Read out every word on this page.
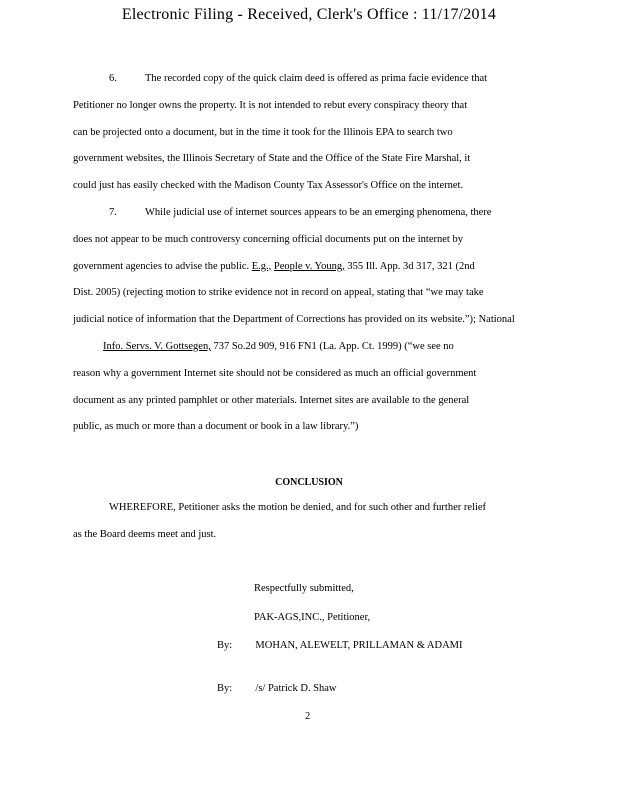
Electronic Filing - Received, Clerk's Office : 11/17/2014
6.	The recorded copy of the quick claim deed is offered as prima facie evidence that
Petitioner no longer owns the property. It is not intended to rebut every conspiracy theory that
can be projected onto a document, but in the time it took for the Illinois EPA to search two
government websites, the Illinois Secretary of State and the Office of the State Fire Marshal, it
could just has easily checked with the Madison County Tax Assessor's Office on the internet.
7.	While judicial use of internet sources appears to be an emerging phenomena, there
does not appear to be much controversy concerning official documents put on the internet by
government agencies to advise the public. E.g., People v. Young, 355 Ill. App. 3d 317, 321 (2nd
Dist. 2005) (rejecting motion to strike evidence not in record on appeal, stating that “we may take
judicial notice of information that the Department of Corrections has provided on its website.”); National
Info. Servs. V. Gottsegen, 737 So.2d 909, 916 FN1 (La. App. Ct. 1999) (“we see no
reason why a government Internet site should not be considered as much an official government
document as any printed pamphlet or other materials. Internet sites are available to the general
public, as much or more than a document or book in a law library.”)
CONCLUSION
WHEREFORE, Petitioner asks the motion be denied, and for such other and further relief
as the Board deems meet and just.
Respectfully submitted,
PAK-AGS,INC., Petitioner,
By: MOHAN, ALEWELT, PRILLAMAN & ADAMI
By: /s/ Patrick D. Shaw
2
